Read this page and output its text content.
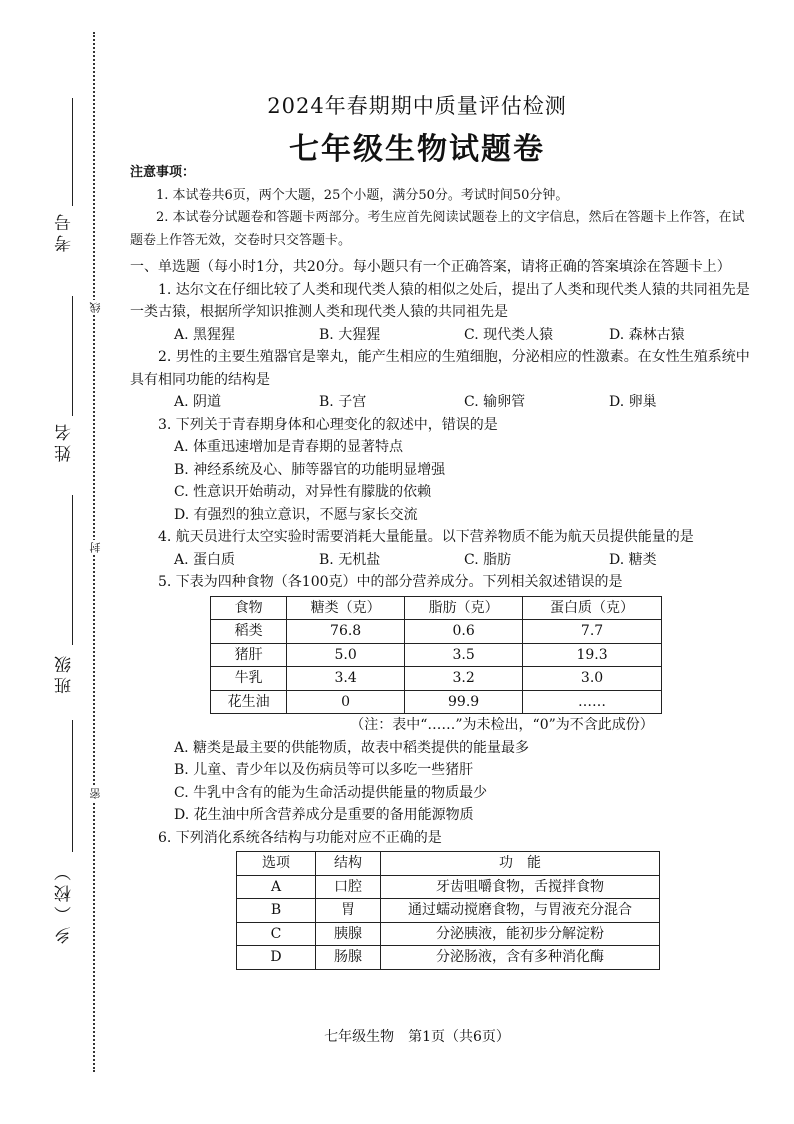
考号
姓名
班级
乡（校）
线
封
密
2024年春期期中质量评估检测
七年级生物试题卷

注意事项：

1. 本试卷共6页，两个大题，25个小题，满分50分。考试时间50分钟。

2. 本试卷分试题卷和答题卡两部分。考生应首先阅读试题卷上的文字信息，然后在答题卡上作答，在试题卷上作答无效，交卷时只交答题卡。

一、单选题（每小时1分，共20分。每小题只有一个正确答案，请将正确的答案填涂在答题卡上）

1. 达尔文在仔细比较了人类和现代类人猿的相似之处后，提出了人类和现代类人猿的共同祖先是一类古猿，根据所学知识推测人类和现代类人猿的共同祖先是

A. 黑猩猩	B. 大猩猩	C. 现代类人猿	D. 森林古猿

2. 男性的主要生殖器官是睾丸，能产生相应的生殖细胞，分泌相应的性激素。在女性生殖系统中具有相同功能的结构是

A. 阴道	B. 子宫	C. 输卵管	D. 卵巢

3. 下列关于青春期身体和心理变化的叙述中，错误的是

A. 体重迅速增加是青春期的显著特点
B. 神经系统及心、肺等器官的功能明显增强
C. 性意识开始萌动，对异性有朦胧的依赖
D. 有强烈的独立意识，不愿与家长交流

4. 航天员进行太空实验时需要消耗大量能量。以下营养物质不能为航天员提供能量的是

A. 蛋白质	B. 无机盐	C. 脂肪	D. 糖类

5. 下表为四种食物（各100克）中的部分营养成分。下列相关叙述错误的是

食物	糖类（克）	脂肪（克）	蛋白质（克）
稻类	76.8	0.6	7.7
猪肝	5.0	3.5	19.3
牛乳	3.4	3.2	3.0
花生油	0	99.9	……
（注：表中“……”为未检出，“0”为不含此成份）
A. 糖类是最主要的供能物质，故表中稻类提供的能量最多
B. 儿童、青少年以及伤病员等可以多吃一些猪肝
C. 牛乳中含有的能为生命活动提供能量的物质最少
D. 花生油中所含营养成分是重要的备用能源物质

6. 下列消化系统各结构与功能对应不正确的是

选项	结构	功　能
A	口腔	牙齿咀嚼食物，舌搅拌食物
B	胃	通过蠕动搅磨食物，与胃液充分混合
C	胰腺	分泌胰液，能初步分解淀粉
D	肠腺	分泌肠液，含有多种消化酶
七年级生物　第1页（共6页）
